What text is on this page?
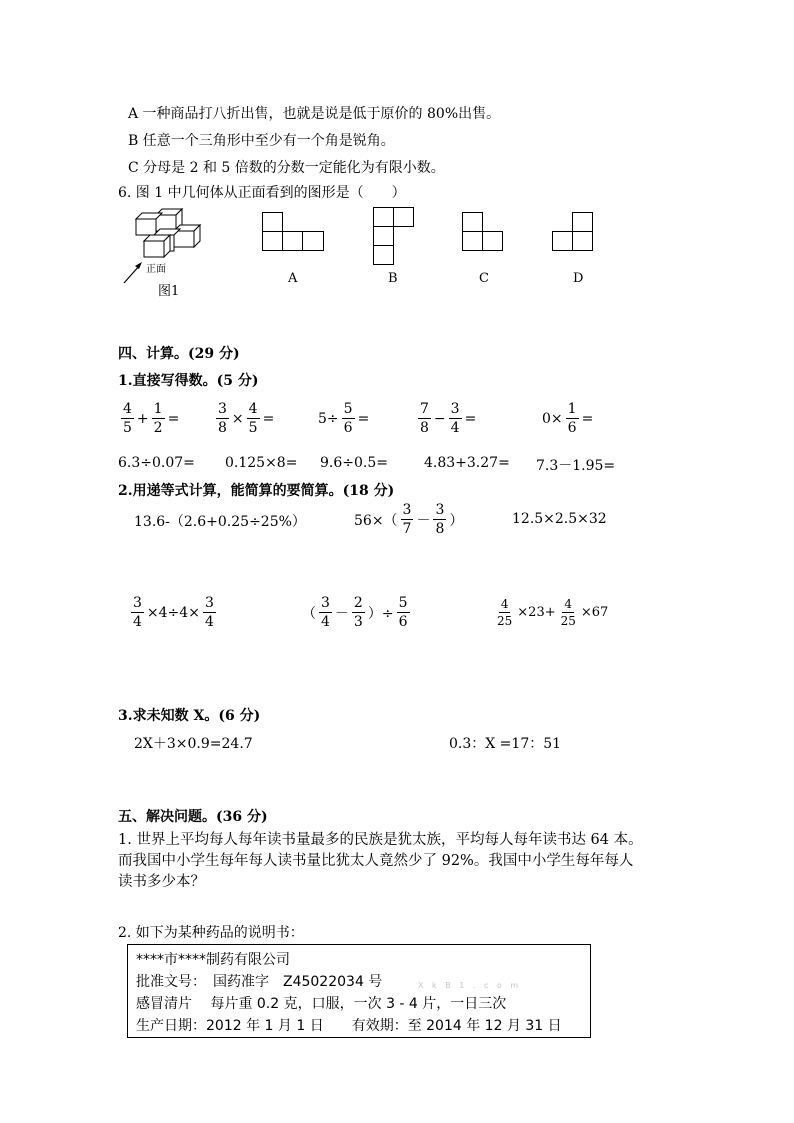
A 一种商品打八折出售，也就是说是低于原价的 80%出售。
B 任意一个三角形中至少有一个角是锐角。
C 分母是 2 和 5 倍数的分数一定能化为有限小数。
6. 图 1 中几何体从正面看到的图形是（　　）
正面
图1
A	B	C	D
四、计算。(29 分)
1.直接写得数。(5 分)
$\frac{4}{5} + \frac{1}{2}$ =	$\frac{3}{8} \times \frac{4}{5}$ =	$5\div \frac{5}{6}$ =	$\frac{7}{8} - \frac{3}{4}$ =	$0\times \frac{1}{6}$ =
6.3÷0.07= 0.125×8= 9.6÷0.5=	4.83+3.27= 7.3－1.95=
2.用递等式计算，能简算的要简算。(18 分)
13.6-（2.6+0.25÷25%）	$56\times( \frac{3}{7} - \frac{3}{8}$ ）	12.5×2.5×32
$\frac{3}{4} \times 4\div 4\times \frac{3}{4}$	（ $\frac{3}{4} - \frac{2}{3}$ ）÷ $\frac{5}{6}$	$\frac{4}{25} \times 23+ \frac{4}{25} \times 67$
3.求未知数 X。(6 分)
2X＋3×0.9=24.7	0.3：X =17：51
五、解决问题。(36 分)
1. 世界上平均每人每年读书量最多的民族是犹太族，平均每人每年读书达 64 本。
而我国中小学生每年每人读书量比犹太人竟然少了 92%。我国中小学生每年每人
读书多少本？
2. 如下为某种药品的说明书：
****市****制药有限公司
批准文号：　国药准字　Z45022034 号
感冒清片　 每片重 0.2 克，口服，一次 3 - 4 片，一日三次
生产日期：2012 年 1 月 1 日　　有效期：至 2014 年 12 月 31 日
X k B 1 . c o m
